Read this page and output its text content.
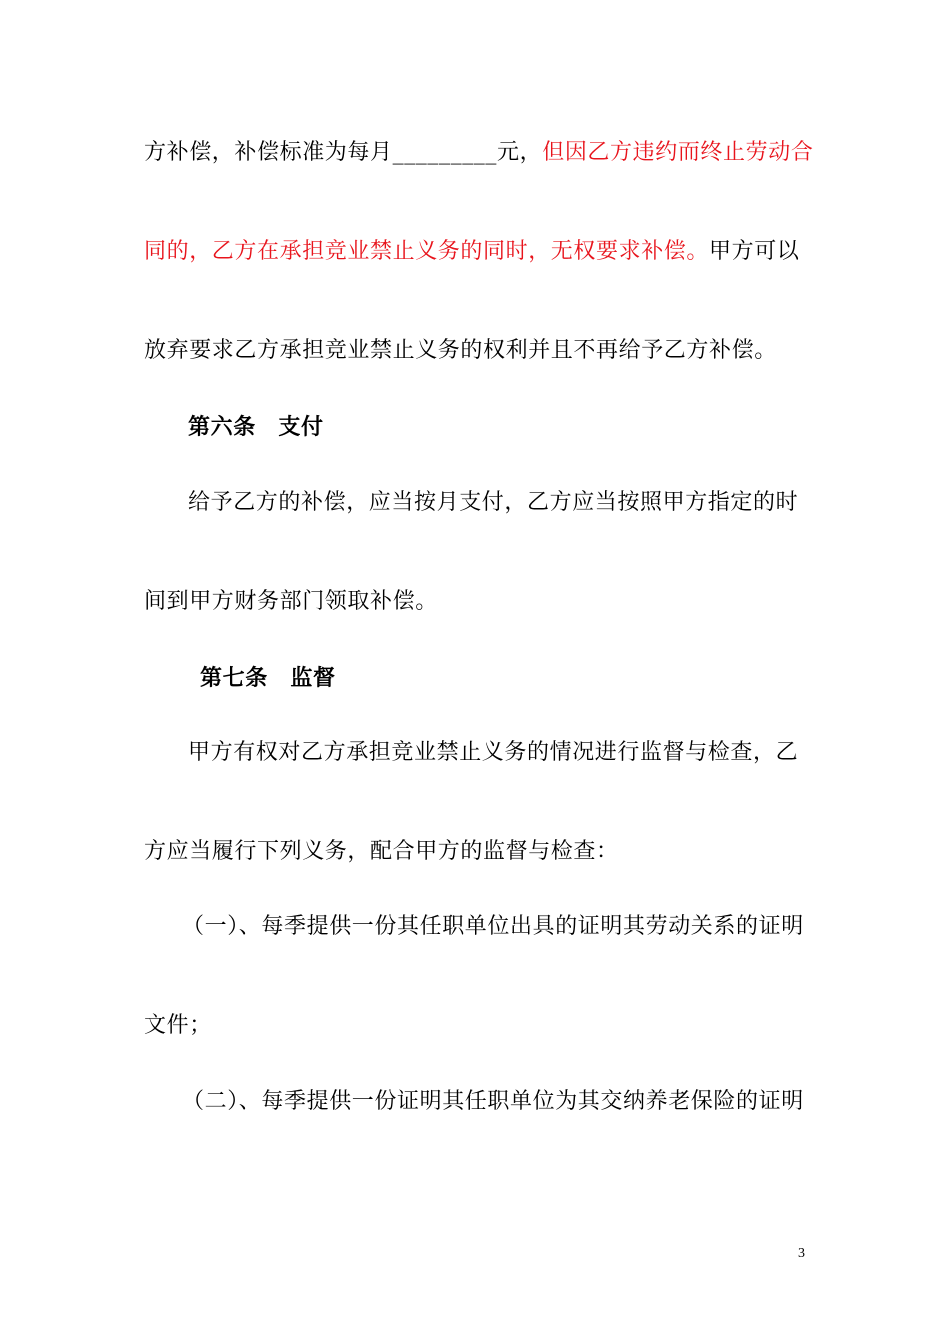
方补偿，补偿标准为每月_________元，但因乙方违约而终止劳动合
同的，乙方在承担竞业禁止义务的同时，无权要求补偿。甲方可以
放弃要求乙方承担竞业禁止义务的权利并且不再给予乙方补偿。
第六条　支付
给予乙方的补偿，应当按月支付，乙方应当按照甲方指定的时
间到甲方财务部门领取补偿。
第七条　监督
甲方有权对乙方承担竞业禁止义务的情况进行监督与检查，乙
方应当履行下列义务，配合甲方的监督与检查：
（一）、每季提供一份其任职单位出具的证明其劳动关系的证明
文件；
（二）、每季提供一份证明其任职单位为其交纳养老保险的证明
3
